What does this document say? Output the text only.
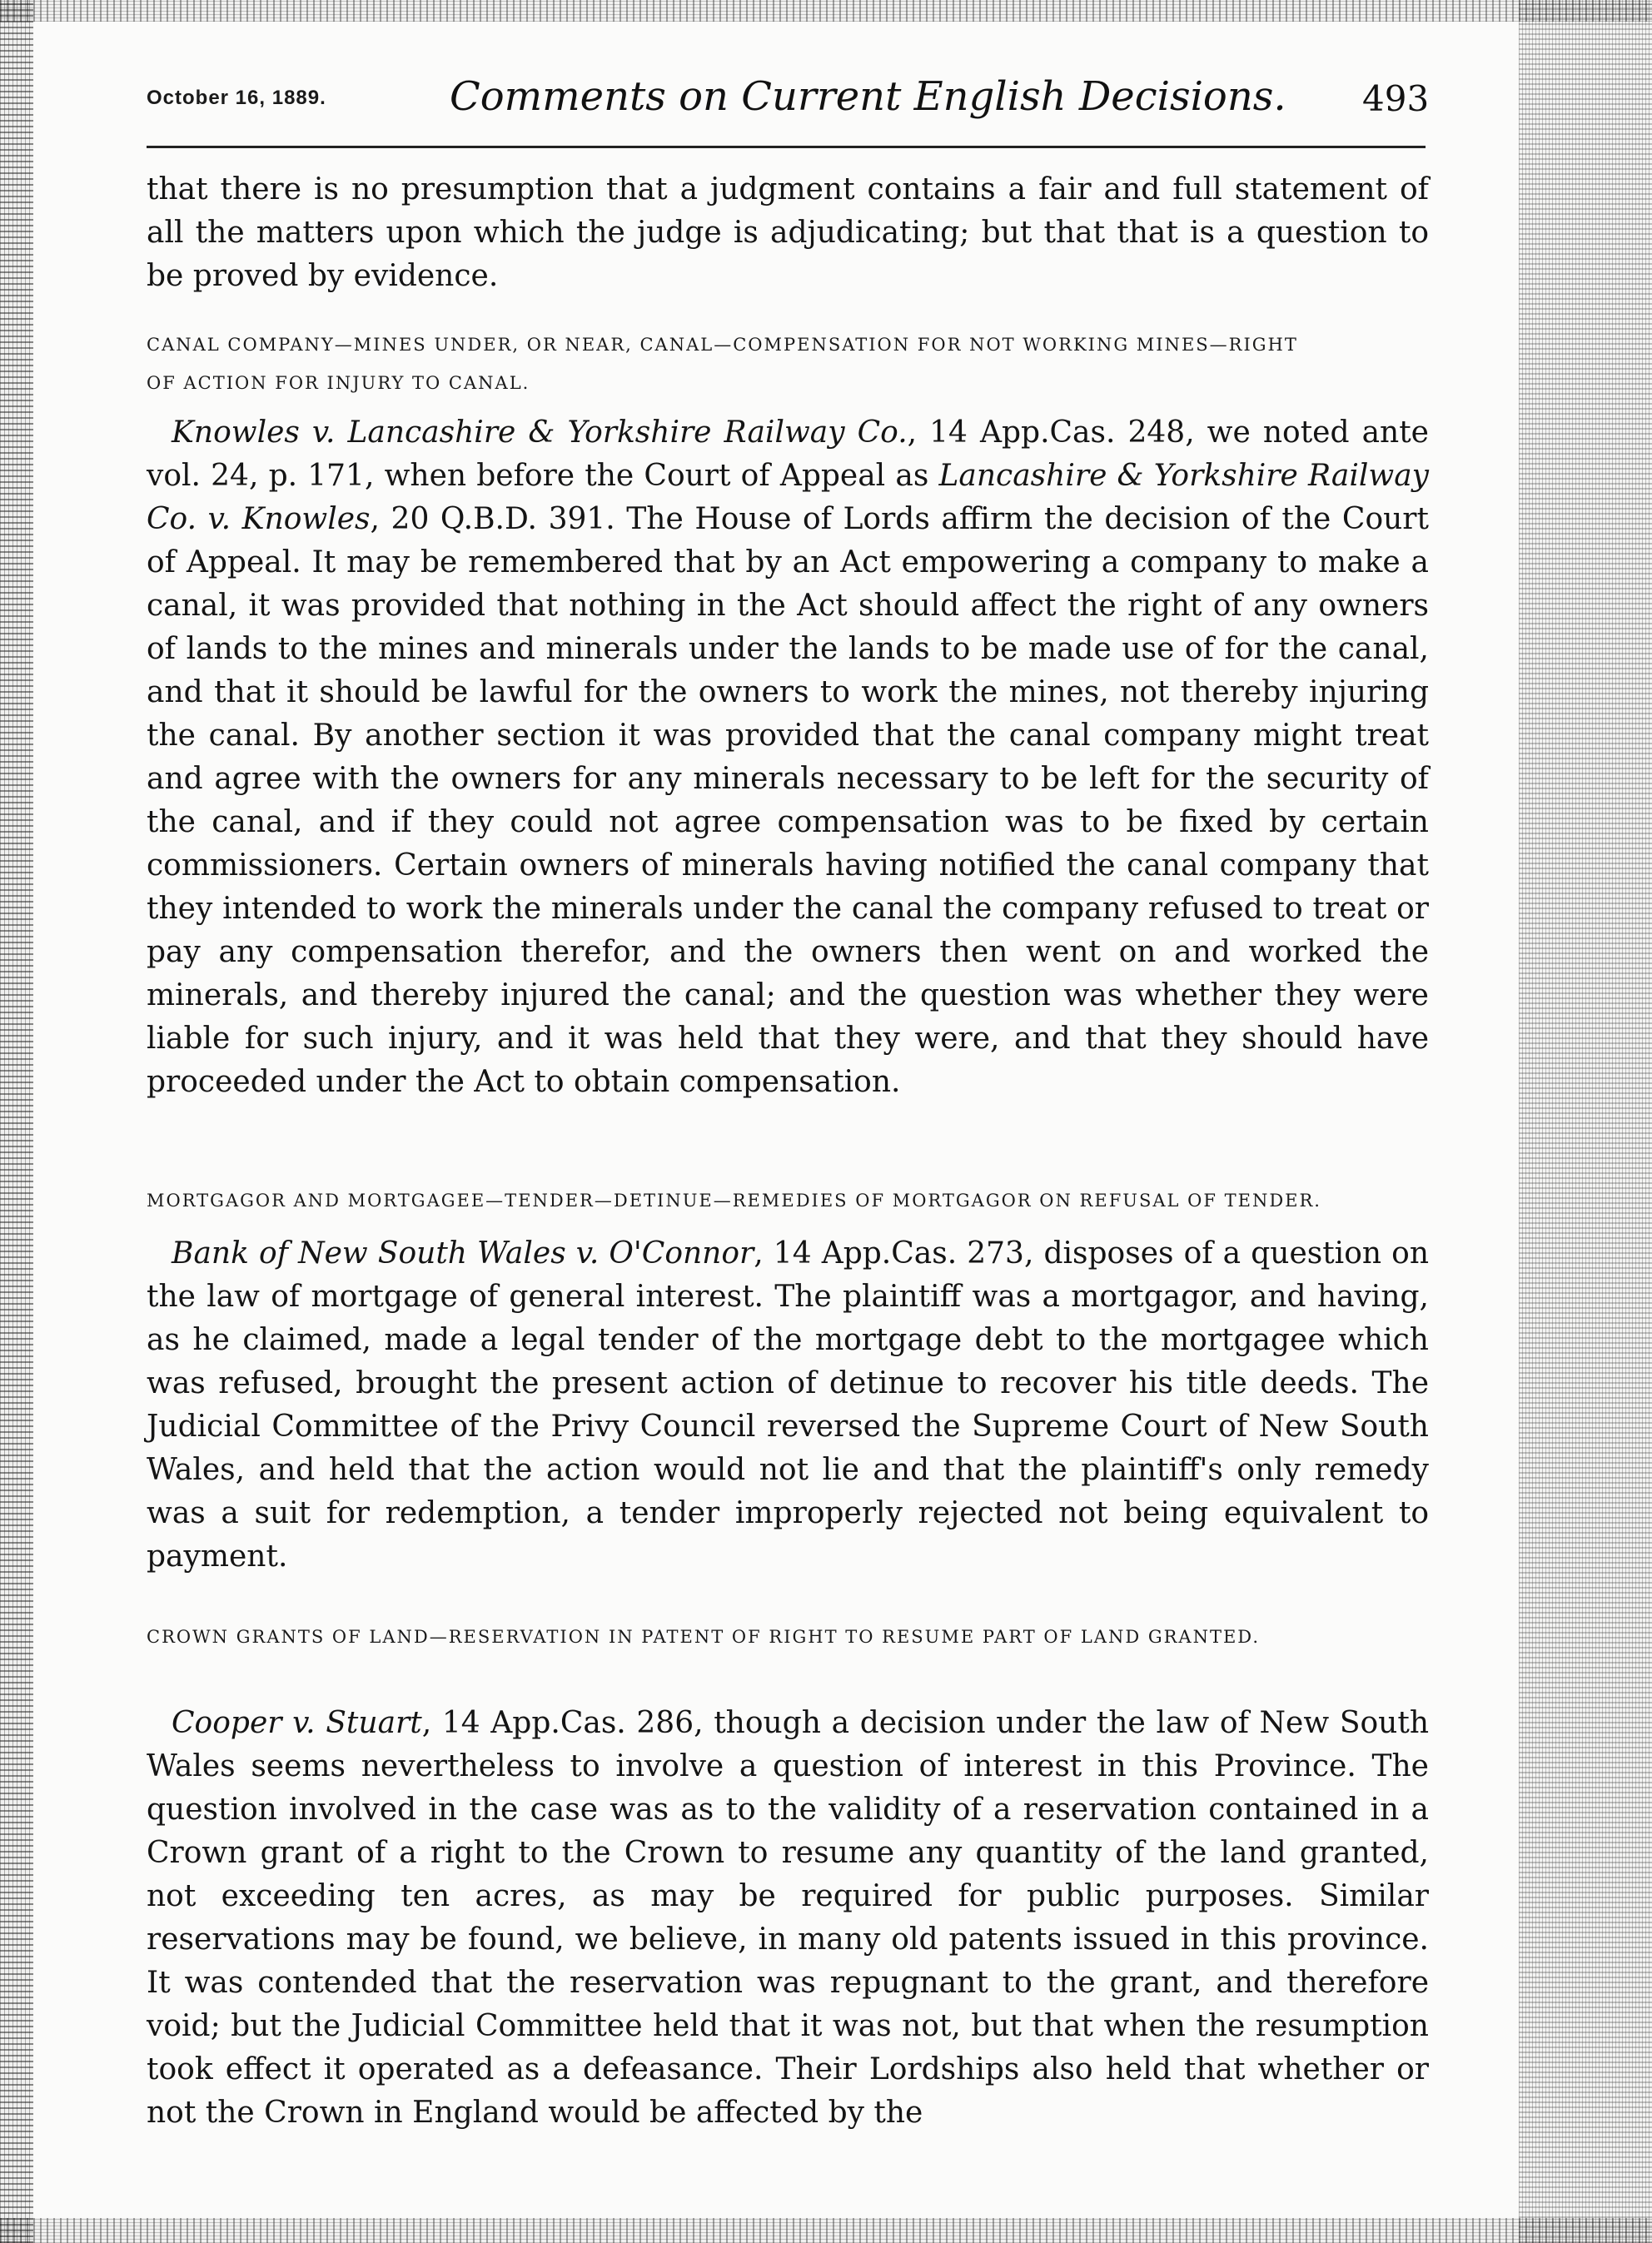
October 16, 1889.	Comments on Current English Decisions. 493
that there is no presumption that a judgment contains a fair and full statement of all the matters upon which the judge is adjudicating; but that that is a question to be proved by evidence.
CANAL COMPANY—MINES UNDER, OR NEAR, CANAL—COMPENSATION FOR NOT WORKING MINES—RIGHT
OF ACTION FOR INJURY TO CANAL.
Knowles v. Lancashire & Yorkshire Railway Co., 14 App.Cas. 248, we noted ante vol. 24, p. 171, when before the Court of Appeal as Lancashire & Yorkshire Railway Co. v. Knowles, 20 Q.B.D. 391. The House of Lords affirm the decision of the Court of Appeal. It may be remembered that by an Act empowering a company to make a canal, it was provided that nothing in the Act should affect the right of any owners of lands to the mines and minerals under the lands to be made use of for the canal, and that it should be lawful for the owners to work the mines, not thereby injuring the canal. By another section it was provided that the canal company might treat and agree with the owners for any minerals necessary to be left for the security of the canal, and if they could not agree compensation was to be fixed by certain commissioners. Certain owners of minerals having notified the canal company that they intended to work the minerals under the canal the company refused to treat or pay any compensation therefor, and the owners then went on and worked the minerals, and thereby injured the canal; and the question was whether they were liable for such injury, and it was held that they were, and that they should have proceeded under the Act to obtain compensation.
MORTGAGOR AND MORTGAGEE—TENDER—DETINUE—REMEDIES OF MORTGAGOR ON REFUSAL OF TENDER.
Bank of New South Wales v. O'Connor, 14 App.Cas. 273, disposes of a question on the law of mortgage of general interest. The plaintiff was a mortgagor, and having, as he claimed, made a legal tender of the mortgage debt to the mortgagee which was refused, brought the present action of detinue to recover his title deeds. The Judicial Committee of the Privy Council reversed the Supreme Court of New South Wales, and held that the action would not lie and that the plaintiff's only remedy was a suit for redemption, a tender improperly rejected not being equivalent to payment.
CROWN GRANTS OF LAND—RESERVATION IN PATENT OF RIGHT TO RESUME PART OF LAND GRANTED.
Cooper v. Stuart, 14 App.Cas. 286, though a decision under the law of New South Wales seems nevertheless to involve a question of interest in this Province. The question involved in the case was as to the validity of a reservation contained in a Crown grant of a right to the Crown to resume any quantity of the land granted, not exceeding ten acres, as may be required for public purposes. Similar reservations may be found, we believe, in many old patents issued in this province. It was contended that the reservation was repugnant to the grant, and therefore void; but the Judicial Committee held that it was not, but that when the resumption took effect it operated as a defeasance. Their Lordships also held that whether or not the Crown in England would be affected by the
